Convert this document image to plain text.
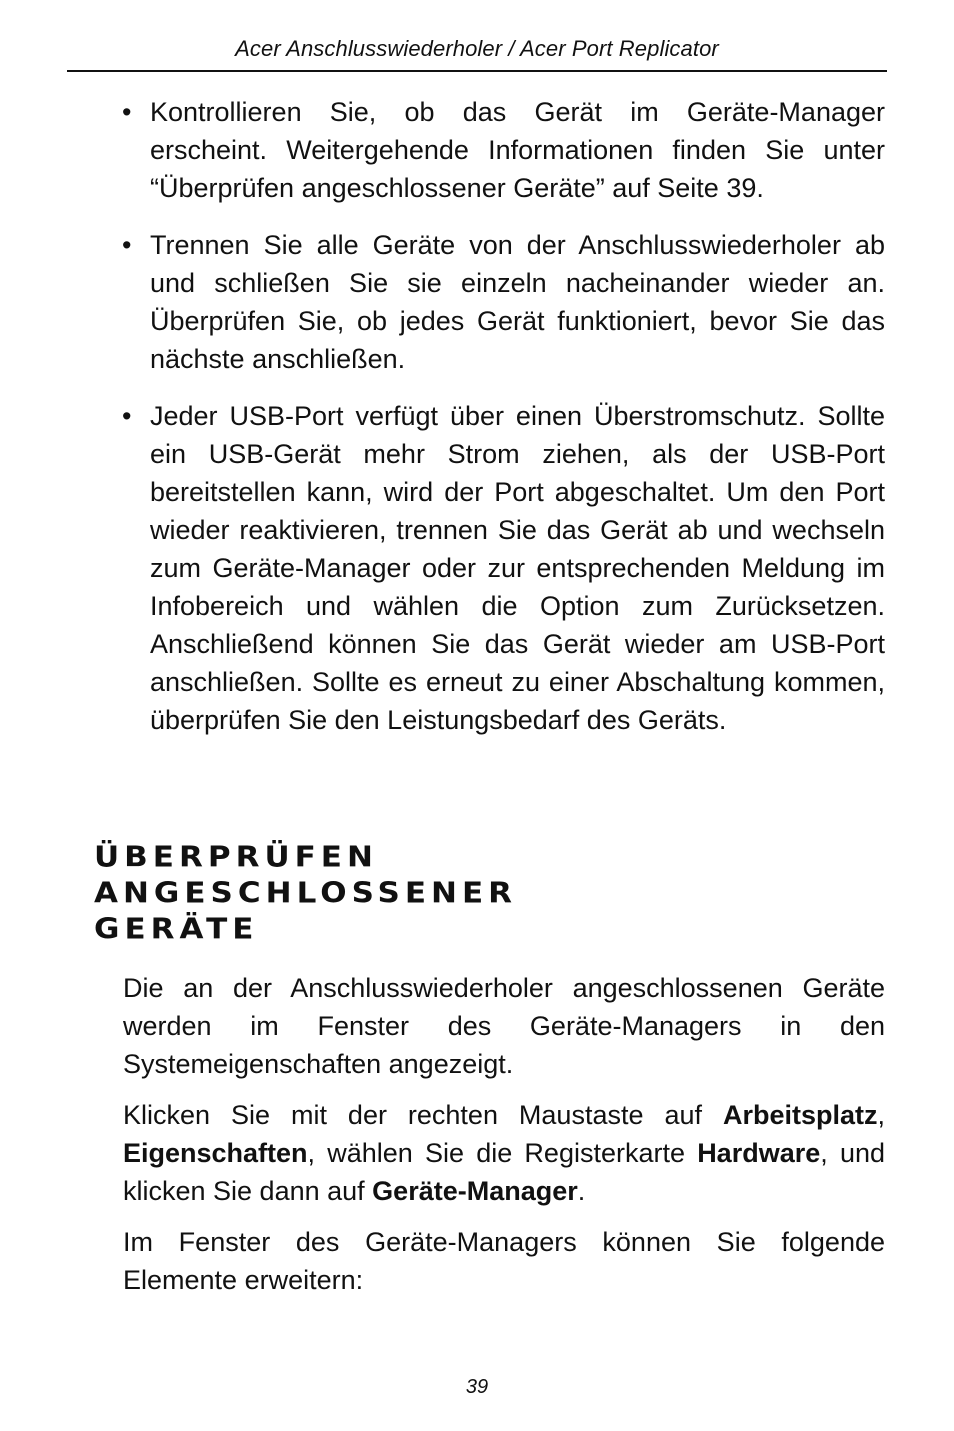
Acer Anschlusswiederholer / Acer Port Replicator
• Kontrollieren Sie, ob das Gerät im Geräte-Manager erscheint. Weitergehende Informationen finden Sie unter “Überprüfen angeschlossener Geräte” auf Seite 39.
• Trennen Sie alle Geräte von der Anschlusswiederholer ab und schließen Sie sie einzeln nacheinander wieder an. Überprüfen Sie, ob jedes Gerät funktioniert, bevor Sie das nächste anschließen.
• Jeder USB-Port verfügt über einen Überstromschutz. Sollte ein USB-Gerät mehr Strom ziehen, als der USB-Port bereitstellen kann, wird der Port abgeschaltet. Um den Port wieder reaktivieren, trennen Sie das Gerät ab und wechseln zum Geräte-Manager oder zur entsprechenden Meldung im Infobereich und wählen die Option zum Zurücksetzen. Anschließend können Sie das Gerät wieder am USB-Port anschließen. Sollte es erneut zu einer Abschaltung kommen, überprüfen Sie den Leistungsbedarf des Geräts.
ÜBERPRÜFEN
ANGESCHLOSSENER
GERÄTE

Die an der Anschlusswiederholer angeschlossenen Geräte werden im Fenster des Geräte-Managers in den Systemeigenschaften angezeigt.

Klicken Sie mit der rechten Maustaste auf Arbeitsplatz, Eigenschaften, wählen Sie die Registerkarte Hardware, und klicken Sie dann auf Geräte-Manager.

Im Fenster des Geräte-Managers können Sie folgende Elemente erweitern:

39
